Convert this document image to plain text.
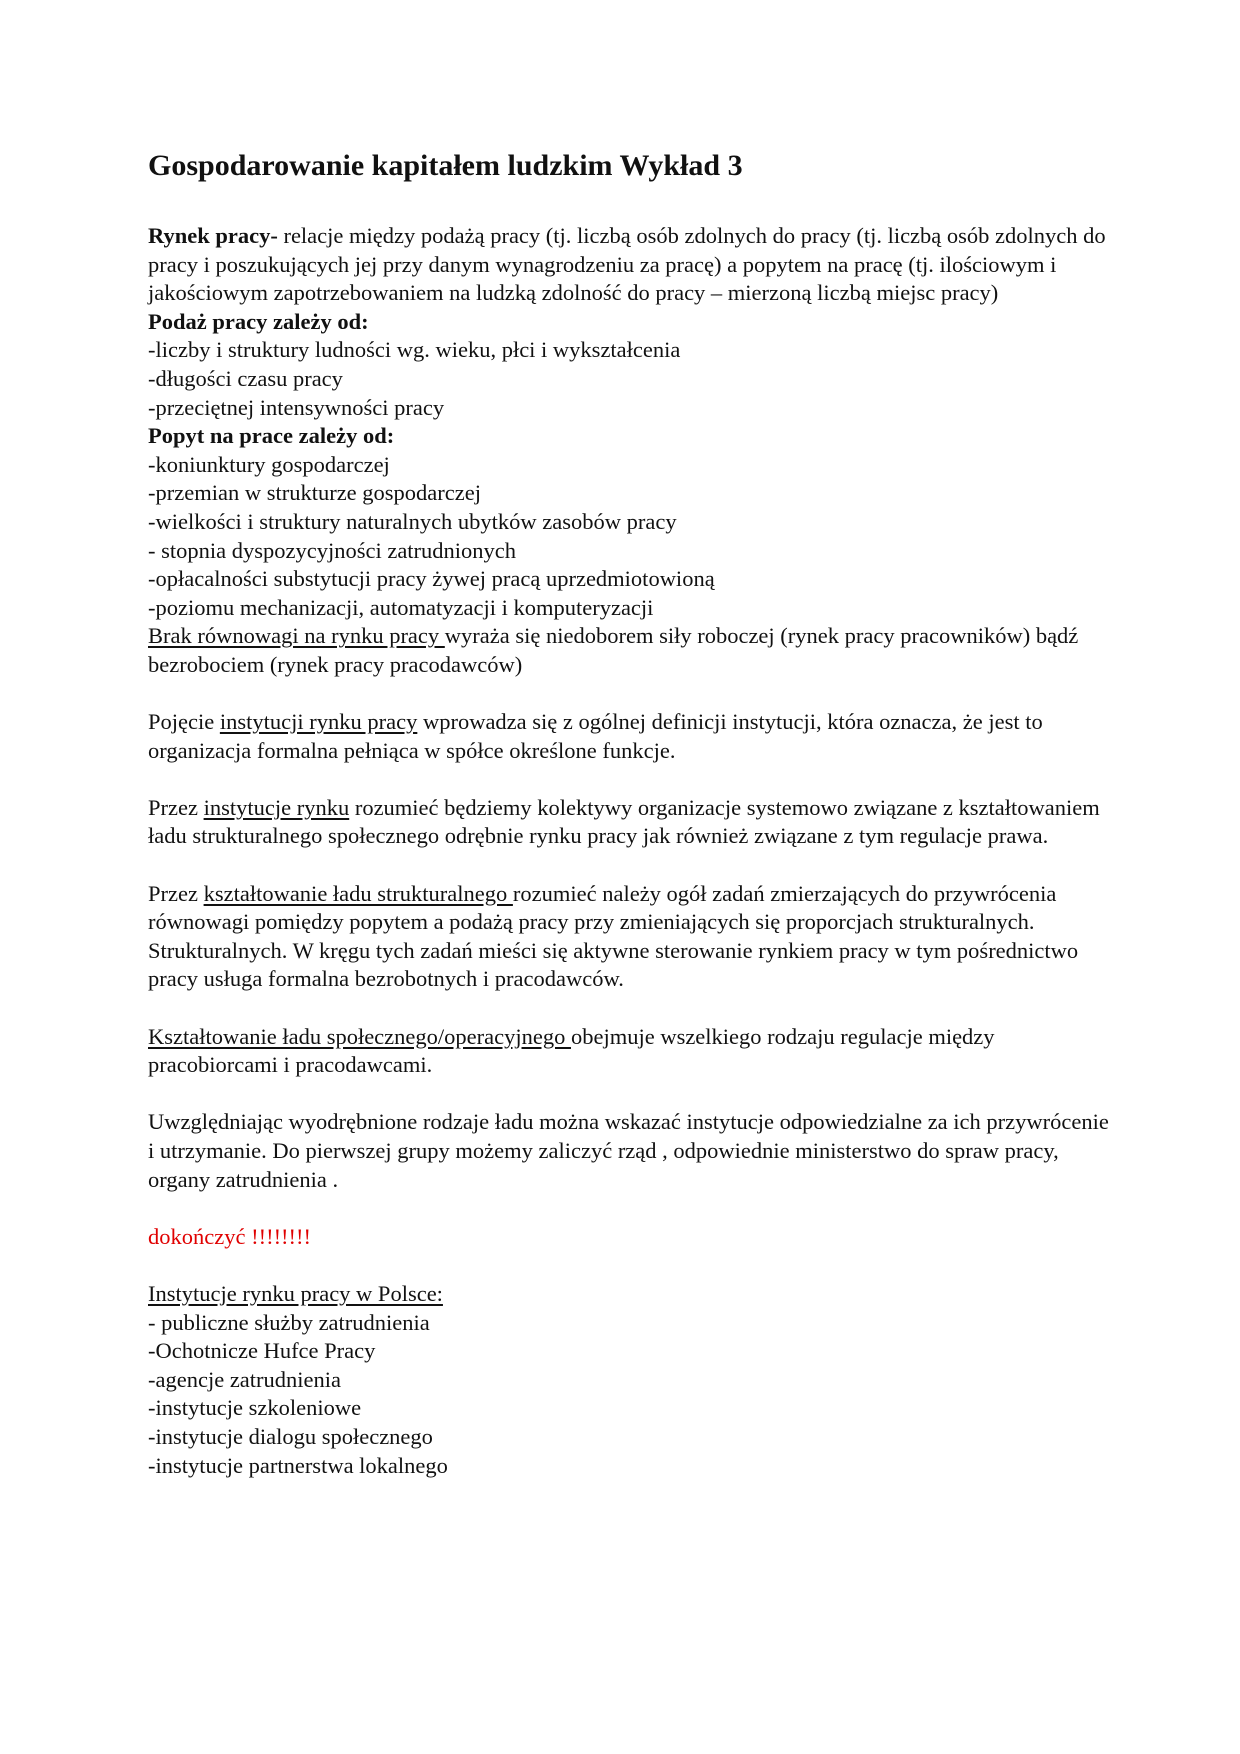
Gospodarowanie kapitałem ludzkim Wykład 3

Rynek pracy- relacje między podażą pracy (tj. liczbą osób zdolnych do pracy (tj. liczbą osób zdolnych do pracy i poszukujących jej przy danym wynagrodzeniu za pracę) a popytem na pracę (tj. ilościowym i jakościowym zapotrzebowaniem na ludzką zdolność do pracy – mierzoną liczbą miejsc pracy)

Podaż pracy zależy od:

-liczby i struktury ludności wg. wieku, płci i wykształcenia
-długości czasu pracy
-przeciętnej intensywności pracy

Popyt na prace zależy od:

-koniunktury gospodarczej
-przemian w strukturze gospodarczej
-wielkości i struktury naturalnych ubytków zasobów pracy
- stopnia dyspozycyjności zatrudnionych
-opłacalności substytucji pracy żywej pracą uprzedmiotowioną
-poziomu mechanizacji, automatyzacji i komputeryzacji

Brak równowagi na rynku pracy wyraża się niedoborem siły roboczej (rynek pracy pracowników) bądź bezrobociem (rynek pracy pracodawców)

Pojęcie instytucji rynku pracy wprowadza się z ogólnej definicji instytucji, która oznacza, że jest to organizacja formalna pełniąca w spółce określone funkcje.

Przez instytucje rynku rozumieć będziemy kolektywy organizacje systemowo związane z kształtowaniem ładu strukturalnego społecznego odrębnie rynku pracy jak również związane z tym regulacje prawa.

Przez kształtowanie ładu strukturalnego rozumieć należy ogół zadań zmierzających do przywrócenia równowagi pomiędzy popytem a podażą pracy przy zmieniających się proporcjach strukturalnych. Strukturalnych. W kręgu tych zadań mieści się aktywne sterowanie rynkiem pracy w tym pośrednictwo pracy usługa formalna bezrobotnych i pracodawców.

Kształtowanie ładu społecznego/operacyjnego obejmuje wszelkiego rodzaju regulacje między pracobiorcami i pracodawcami.

Uwzględniając wyodrębnione rodzaje ładu można wskazać instytucje odpowiedzialne za ich przywrócenie i utrzymanie. Do pierwszej grupy możemy zaliczyć rząd , odpowiednie ministerstwo do spraw pracy, organy zatrudnienia .

dokończyć !!!!!!!!

Instytucje rynku pracy w Polsce:

- publiczne służby zatrudnienia
-Ochotnicze Hufce Pracy
-agencje zatrudnienia
-instytucje szkoleniowe
-instytucje dialogu społecznego
-instytucje partnerstwa lokalnego
